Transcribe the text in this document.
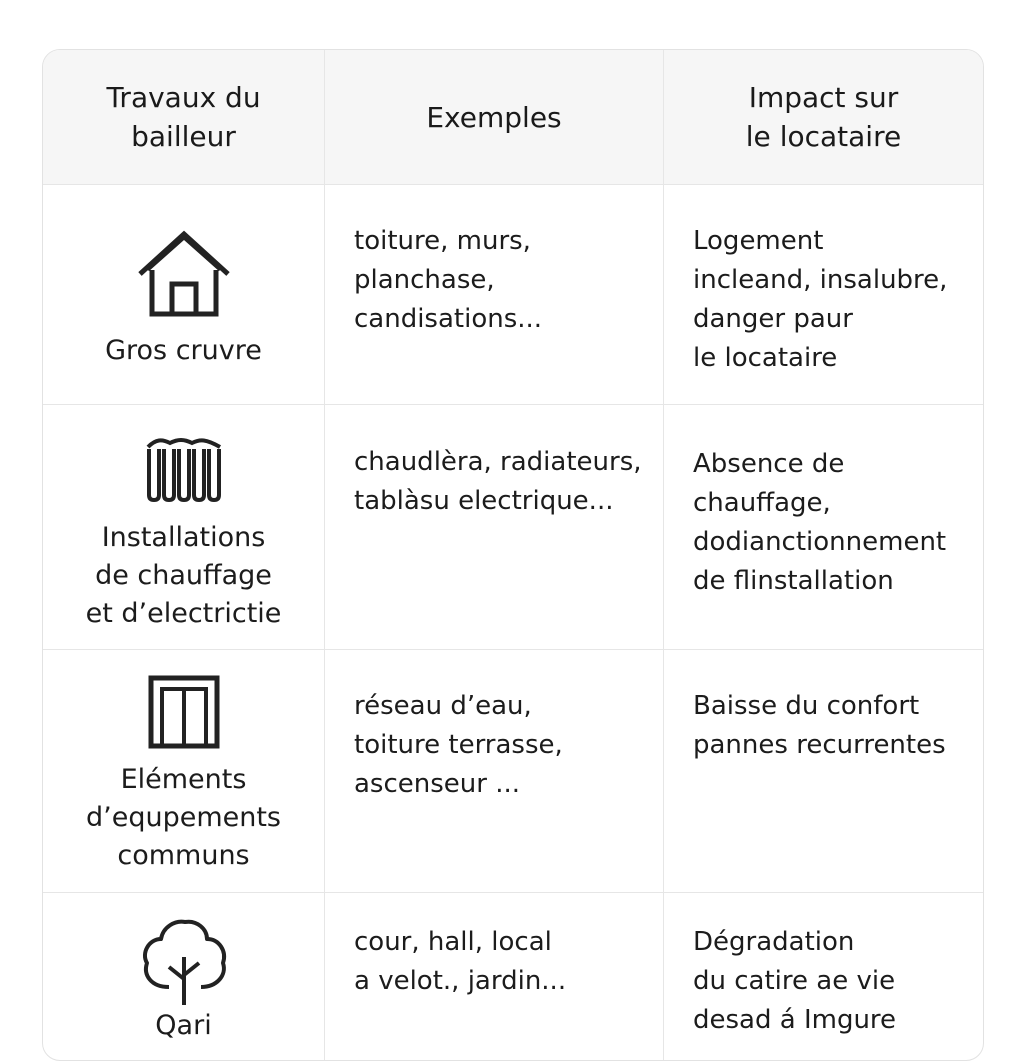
Travaux du
bailleur
Exemples
Impact sur
le locataire
Gros cruvre
toiture, murs,
planchase,
candisations...
Logement
incleand, insalubre,
danger paur
le locataire
Installations
de chauffage
et d’electrictie
chaudlèra, radiateurs,
tablàsu electrique...
Absence de
chauffage,
dodianctionnement
de flinstallation
Eléments
d’equpements
communs
réseau d’eau,
toiture terrasse,
ascenseur ...
Baisse du confort
pannes recurrentes
Qari
cour, hall, local
a velot., jardin...
Dégradation
du catire ae vie
desad á Imgure
